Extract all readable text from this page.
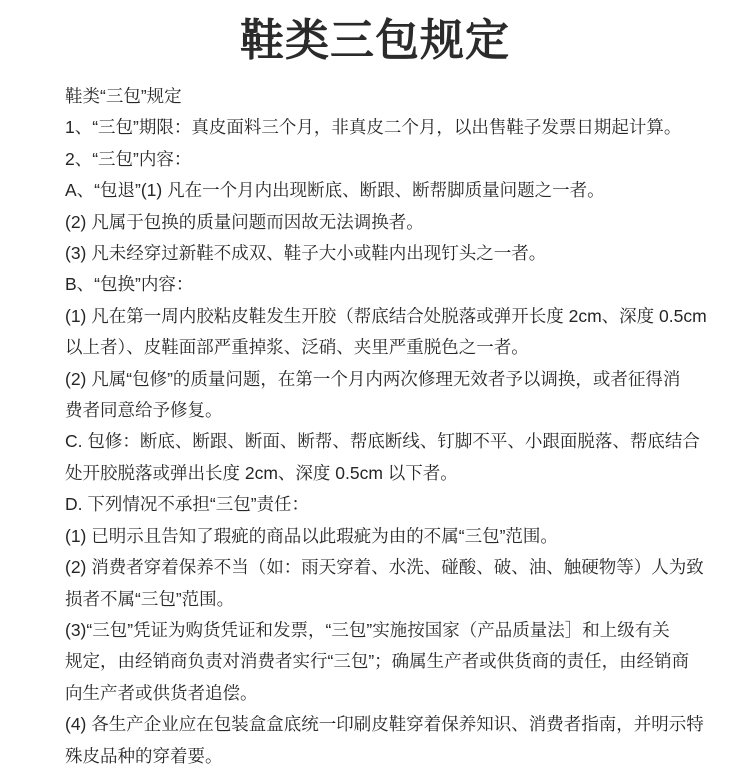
鞋类三包规定
鞋类“三包”规定
1、“三包”期限：真皮面料三个月，非真皮二个月，以出售鞋子发票日期起计算。
2、“三包”内容：
A、“包退”(1) 凡在一个月内出现断底、断跟、断帮脚质量问题之一者。
(2) 凡属于包换的质量问题而因故无法调换者。
(3) 凡未经穿过新鞋不成双、鞋子大小或鞋内出现钉头之一者。
B、“包换”内容：
(1) 凡在第一周内胶粘皮鞋发生开胶（帮底结合处脱落或弹开长度 2cm、深度 0.5cm
以上者）、皮鞋面部严重掉浆、泛硝、夹里严重脱色之一者。
(2) 凡属“包修”的质量问题，在第一个月内两次修理无效者予以调换，或者征得消
费者同意给予修复。
C. 包修：断底、断跟、断面、断帮、帮底断线、钉脚不平、小跟面脱落、帮底结合
处开胶脱落或弹出长度 2cm、深度 0.5cm 以下者。
D. 下列情况不承担“三包”责任：
(1) 已明示且告知了瑕疵的商品以此瑕疵为由的不属“三包”范围。
(2) 消费者穿着保养不当（如：雨天穿着、水洗、碰酸、破、油、触硬物等）人为致
损者不属“三包”范围。
(3)“三包”凭证为购货凭证和发票，“三包”实施按国家（产品质量法］和上级有关
规定，由经销商负责对消费者实行“三包”；确属生产者或供货商的责任，由经销商
向生产者或供货者追偿。
(4) 各生产企业应在包装盒盒底统一印刷皮鞋穿着保养知识、消费者指南，并明示特
殊皮品种的穿着要。
